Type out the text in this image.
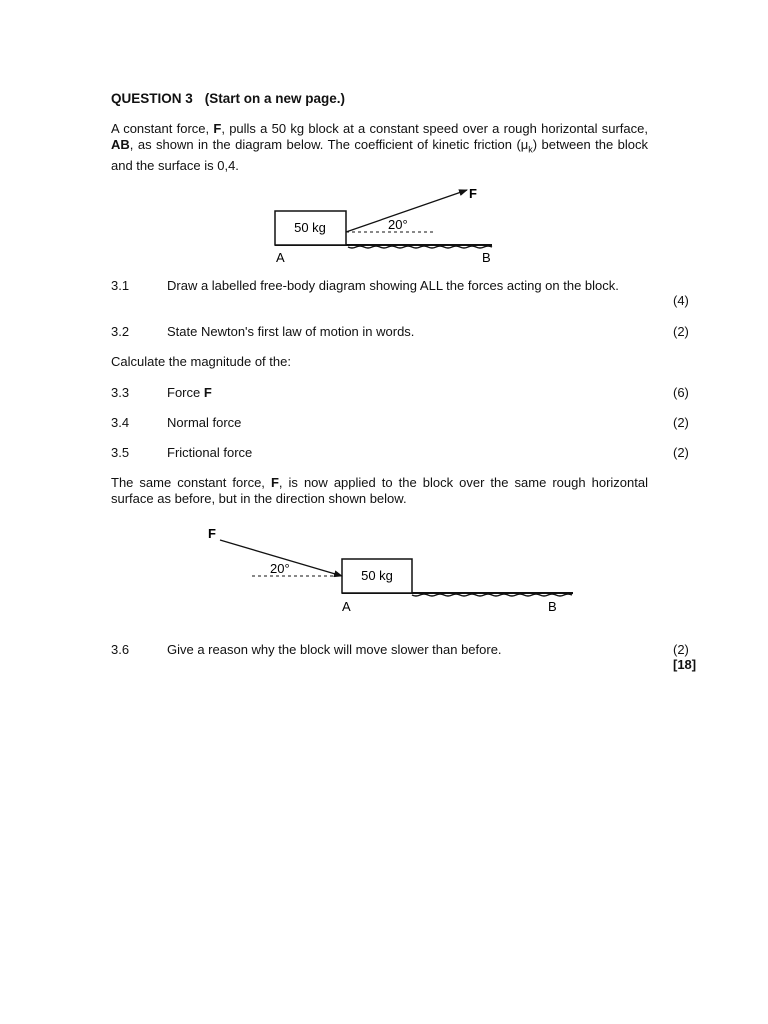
QUESTION 3 (Start on a new page.)
A constant force, F, pulls a 50 kg block at a constant speed over a rough horizontal surface, AB, as shown in the diagram below. The coefficient of kinetic friction $(\mu_k)$ between the block and the surface is 0,4.
50 kg	20°
F
A	B
3.1	Draw a labelled free-body diagram showing ALL the forces acting on the block.
(4)
3.2	State Newton's first law of motion in words.	(2)
Calculate the magnitude of the:
3.3	Force F	(6)
3.4	Normal force	(2)
3.5	Frictional force	(2)
The same constant force, F, is now applied to the block over the same rough horizontal surface as before, but in the direction shown below.
50 kg
20°
F
A	B
3.6	Give a reason why the block will move slower than before.	(2)
[18]
